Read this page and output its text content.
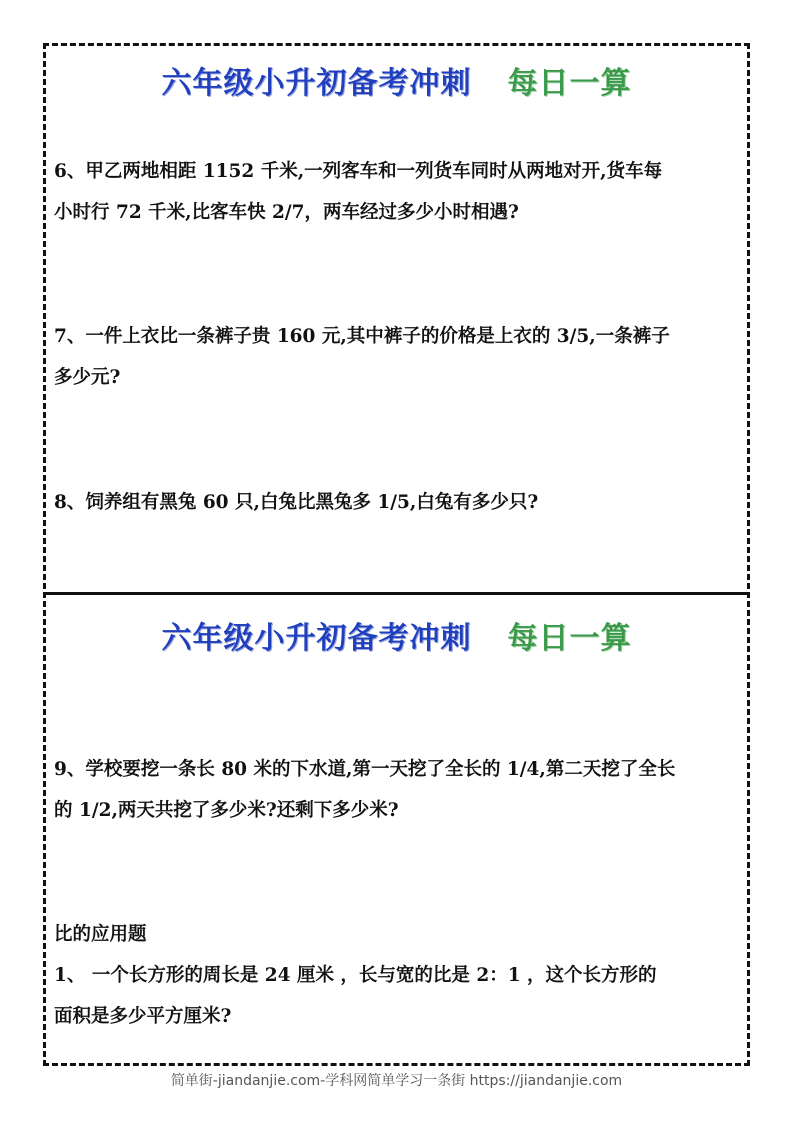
六年级小升初备考冲刺 每日一算
6、甲乙两地相距 1152 千米,一列客车和一列货车同时从两地对开,货车每
小时行 72 千米,比客车快 2/7，两车经过多少小时相遇?
7、一件上衣比一条裤子贵 160 元,其中裤子的价格是上衣的 3/5,一条裤子
多少元?
8、饲养组有黑兔 60 只,白兔比黑兔多 1/5,白兔有多少只?
六年级小升初备考冲刺 每日一算
9、学校要挖一条长 80 米的下水道,第一天挖了全长的 1/4,第二天挖了全长
的 1/2,两天共挖了多少米?还剩下多少米?
比的应用题
1、 一个长方形的周长是 24 厘米 ，长与宽的比是 2：1 ，这个长方形的
面积是多少平方厘米?
简单街-jiandanjie.com-学科网简单学习一条街 https://jiandanjie.com
